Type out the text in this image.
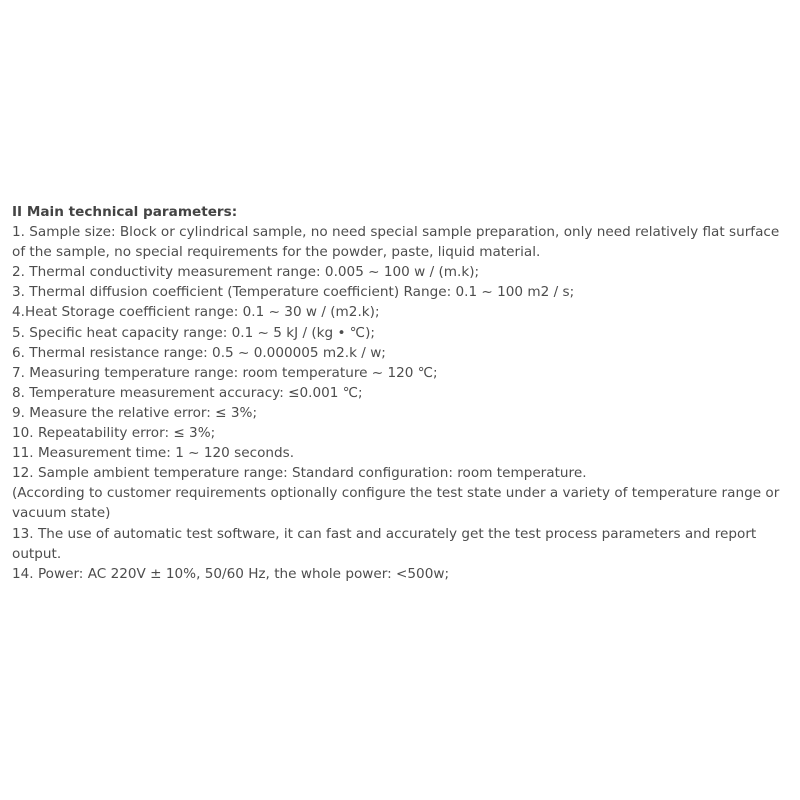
II Main technical parameters:

1. Sample size: Block or cylindrical sample, no need special sample preparation, only need relatively flat surface of the sample, no special requirements for the powder, paste, liquid material.

2. Thermal conductivity measurement range: 0.005 ~ 100 w / (m.k);

3. Thermal diffusion coefficient (Temperature coefficient) Range: 0.1 ~ 100 m2 / s;

4.Heat Storage coefficient range: 0.1 ~ 30 w / (m2.k);

5. Specific heat capacity range: 0.1 ~ 5 kJ / (kg • ℃);

6. Thermal resistance range: 0.5 ~ 0.000005 m2.k / w;

7. Measuring temperature range: room temperature ~ 120 ℃;

8. Temperature measurement accuracy: ≤0.001 ℃;

9. Measure the relative error: ≤ 3%;

10. Repeatability error: ≤ 3%;

11. Measurement time: 1 ~ 120 seconds.

12. Sample ambient temperature range: Standard configuration: room temperature.

(According to customer requirements optionally configure the test state under a variety of temperature range or vacuum state)

13. The use of automatic test software, it can fast and accurately get the test process parameters and report output.

14. Power: AC 220V ± 10%, 50/60 Hz, the whole power: <500w;
